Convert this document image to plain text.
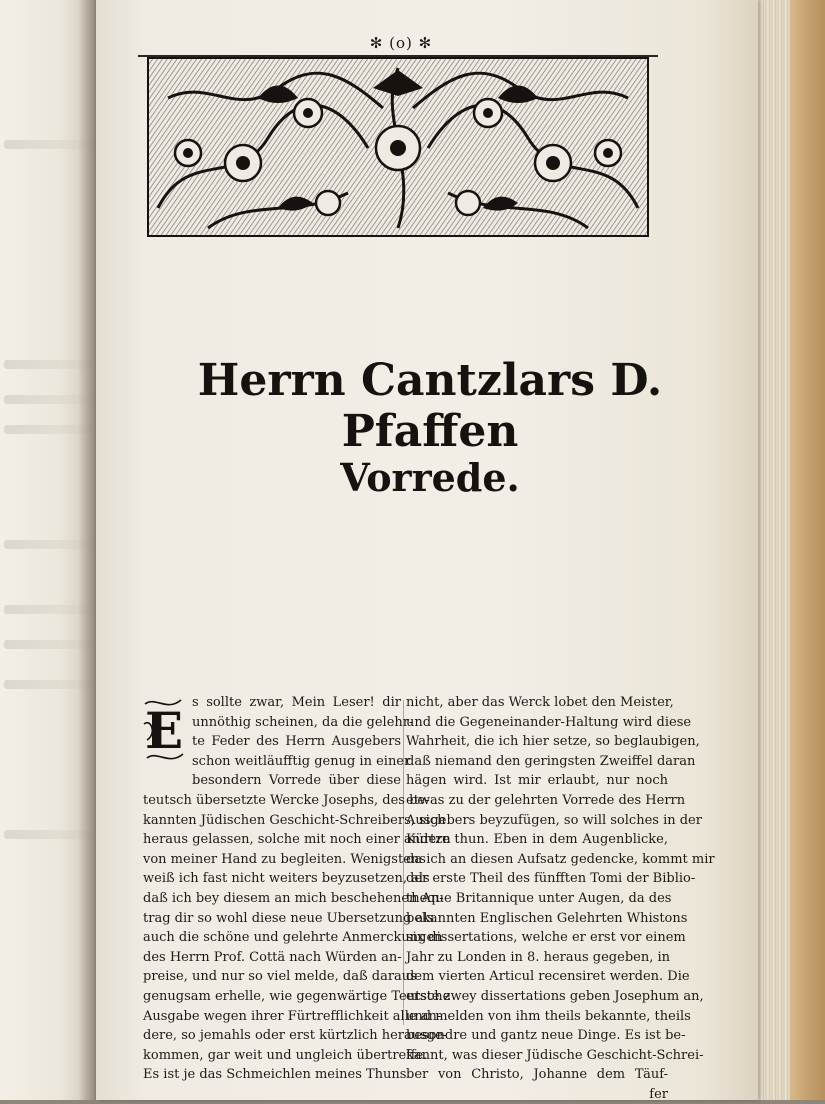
✻ (o) ✻
Herrn Cantzlars D. Pfaffen
Vorrede.
E s sollte zwar, Mein Leser! dir
unnöthig scheinen, da die gelehr-
te Feder des Herrn Ausgebers
schon weitläufftig genug in einer
besondern Vorrede über diese
teutsch übersetzte Wercke Josephs, des be-
kannten Jüdischen Geschicht-Schreibers, sich
heraus gelassen, solche mit noch einer andern
von meiner Hand zu begleiten. Wenigstens
weiß ich fast nicht weiters beyzusetzen, als
daß ich bey diesem an mich beschehenen An-
trag dir so wohl diese neue Ubersetzung als
auch die schöne und gelehrte Anmerckungen
des Herrn Prof. Cottä nach Würden an-
preise, und nur so viel melde, daß daraus
genugsam erhelle, wie gegenwärtige Teutsche
Ausgabe wegen ihrer Fürtrefflichkeit alle an-
dere, so jemahls oder erst kürtzlich herausge-
kommen, gar weit und ungleich übertreffe.
Es ist je das Schmeichlen meines Thuns
nicht, aber das Werck lobet den Meister,
und die Gegeneinander-Haltung wird diese
Wahrheit, die ich hier setze, so beglaubigen,
daß niemand den geringsten Zweiffel daran
hägen wird. Ist mir erlaubt, nur noch
etwas zu der gelehrten Vorrede des Herrn
Ausgebers beyzufügen, so will solches in der
Kürtze thun. Eben in dem Augenblicke,
da ich an diesen Aufsatz gedencke, kommt mir
der erste Theil des fünfften Tomi der Biblio-
theque Britannique unter Augen, da des
bekannten Englischen Gelehrten Whistons
six dissertations, welche er erst vor einem
Jahr zu Londen in 8. heraus gegeben, in
dem vierten Articul recensiret werden. Die
erste zwey dissertations geben Josephum an,
und melden von ihm theils bekannte, theils
besondre und gantz neue Dinge. Es ist be-
kannt, was dieser Jüdische Geschicht-Schrei-
ber von Christo, Johanne dem Täuf-
fer
